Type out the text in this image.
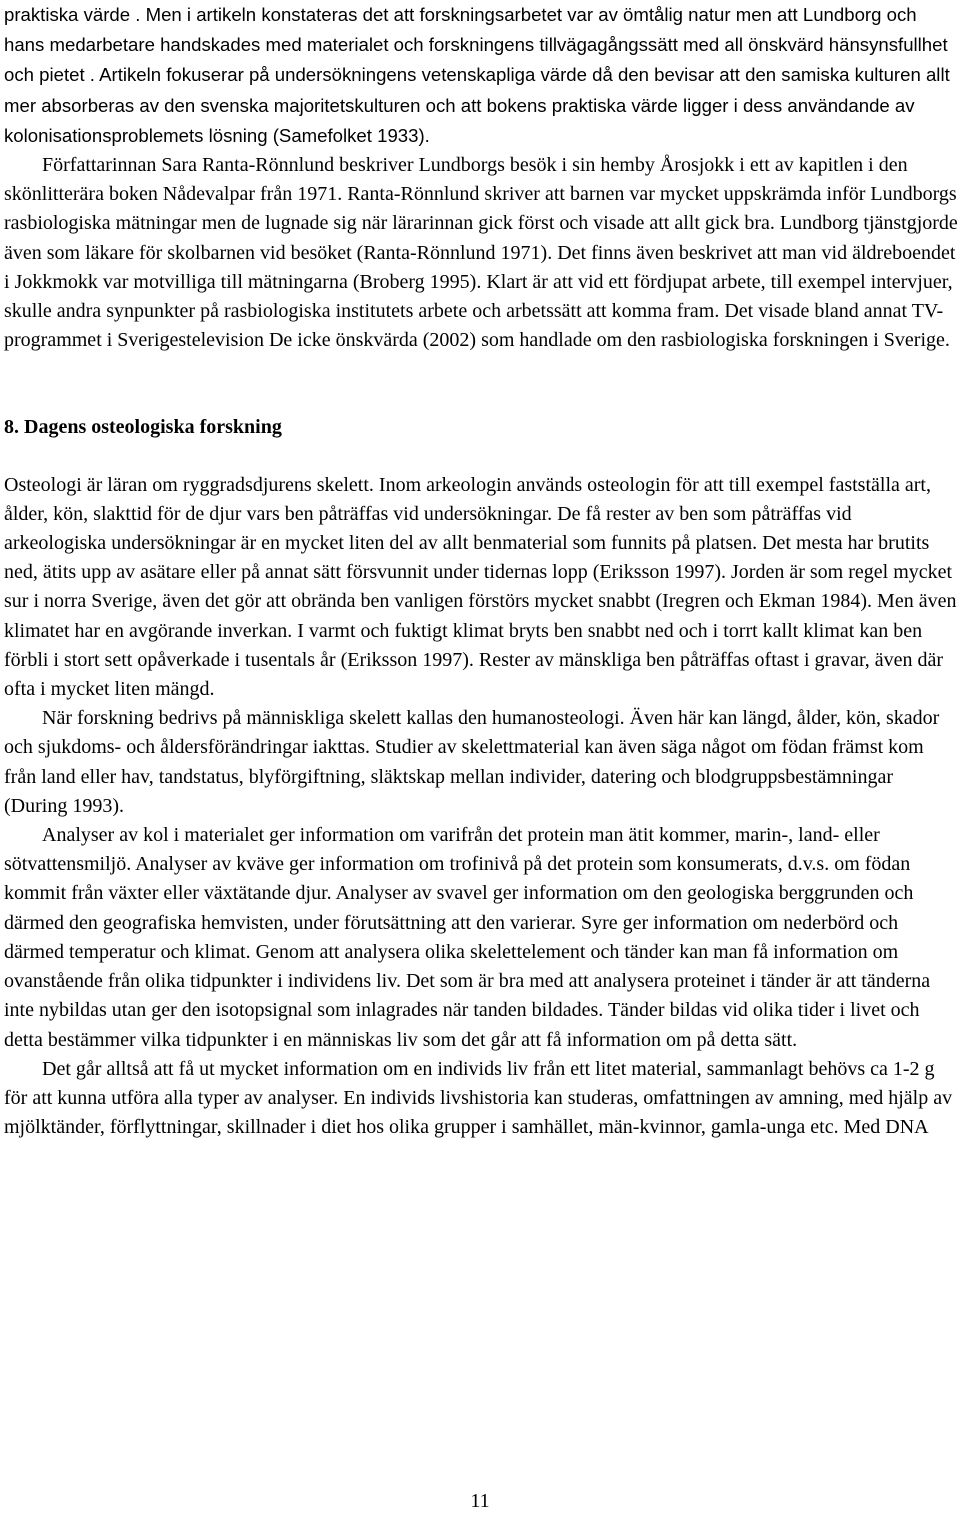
praktiska värde . Men i artikeln konstateras det att forskningsarbetet var av ömtålig natur men att Lundborg och hans medarbetare handskades med materialet och forskningens tillvägagångssätt med all önskvärd hänsynsfullhet och pietet . Artikeln fokuserar på undersökningens vetenskapliga värde då den bevisar att den samiska kulturen allt mer absorberas av den svenska majoritetskulturen och att bokens praktiska värde ligger i dess användande av kolonisationsproblemets lösning (Samefolket 1933).
Författarinnan Sara Ranta-Rönnlund beskriver Lundborgs besök i sin hemby Årosjokk i ett av kapitlen i den skönlitterära boken Nådevalpar från 1971. Ranta-Rönnlund skriver att barnen var mycket uppskrämda inför Lundborgs rasbiologiska mätningar men de lugnade sig när lärarinnan gick först och visade att allt gick bra. Lundborg tjänstgjorde även som läkare för skolbarnen vid besöket (Ranta-Rönnlund 1971). Det finns även beskrivet att man vid äldreboendet i Jokkmokk var motvilliga till mätningarna (Broberg 1995). Klart är att vid ett fördjupat arbete, till exempel intervjuer, skulle andra synpunkter på rasbiologiska institutets arbete och arbetssätt att komma fram. Det visade bland annat TV-programmet i Sverigestelevision De icke önskvärda (2002) som handlade om den rasbiologiska forskningen i Sverige.

8. Dagens osteologiska forskning

Osteologi är läran om ryggradsdjurens skelett. Inom arkeologin används osteologin för att till exempel fastställa art, ålder, kön, slakttid för de djur vars ben påträffas vid undersökningar. De få rester av ben som påträffas vid arkeologiska undersökningar är en mycket liten del av allt benmaterial som funnits på platsen. Det mesta har brutits ned, ätits upp av asätare eller på annat sätt försvunnit under tidernas lopp (Eriksson 1997). Jorden är som regel mycket sur i norra Sverige, även det gör att obrända ben vanligen förstörs mycket snabbt (Iregren och Ekman 1984). Men även klimatet har en avgörande inverkan. I varmt och fuktigt klimat bryts ben snabbt ned och i torrt kallt klimat kan ben förbli i stort sett opåverkade i tusentals år (Eriksson 1997). Rester av mänskliga ben påträffas oftast i gravar, även där ofta i mycket liten mängd.

När forskning bedrivs på människliga skelett kallas den humanosteologi. Även här kan längd, ålder, kön, skador och sjukdoms- och åldersförändringar iakttas. Studier av skelettmaterial kan även säga något om födan främst kom från land eller hav, tandstatus, blyförgiftning, släktskap mellan individer, datering och blodgruppsbestämningar (During 1993).

Analyser av kol i materialet ger information om varifrån det protein man ätit kommer, marin-, land- eller sötvattensmiljö. Analyser av kväve ger information om trofinivå på det protein som konsumerats, d.v.s. om födan kommit från växter eller växtätande djur. Analyser av svavel ger information om den geologiska berggrunden och därmed den geografiska hemvisten, under förutsättning att den varierar. Syre ger information om nederbörd och därmed temperatur och klimat. Genom att analysera olika skelettelement och tänder kan man få information om ovanstående från olika tidpunkter i individens liv. Det som är bra med att analysera proteinet i tänder är att tänderna inte nybildas utan ger den isotopsignal som inlagrades när tanden bildades. Tänder bildas vid olika tider i livet och detta bestämmer vilka tidpunkter i en människas liv som det går att få information om på detta sätt.

Det går alltså att få ut mycket information om en individs liv från ett litet material, sammanlagt behövs ca 1-2 g för att kunna utföra alla typer av analyser. En individs livshistoria kan studeras, omfattningen av amning, med hjälp av mjölktänder, förflyttningar, skillnader i diet hos olika grupper i samhället, män-kvinnor, gamla-unga etc. Med DNA

11
